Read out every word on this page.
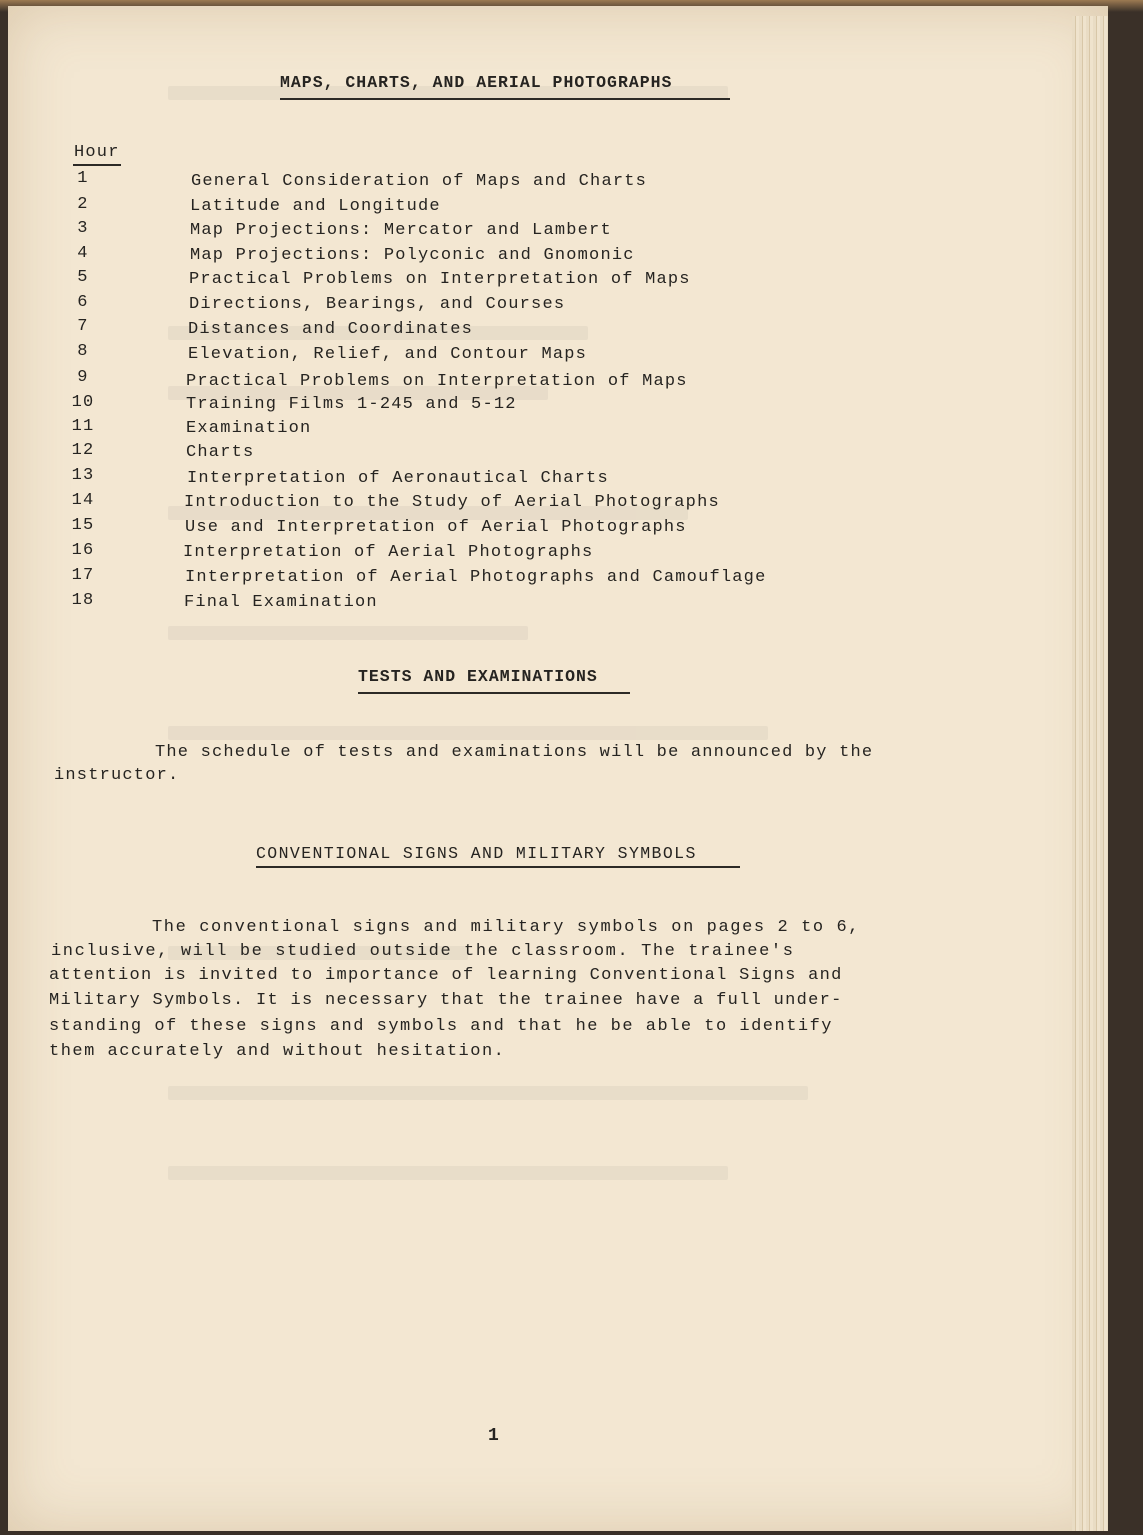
MAPS, CHARTS, AND AERIAL PHOTOGRAPHS
Hour
1	General Consideration of Maps and Charts
2	Latitude and Longitude
3	Map Projections: Mercator and Lambert
4	Map Projections: Polyconic and Gnomonic
5	Practical Problems on Interpretation of Maps
6	Directions, Bearings, and Courses
7	Distances and Coordinates
8	Elevation, Relief, and Contour Maps
9	Practical Problems on Interpretation of Maps
10	Training Films 1-245 and 5-12
11	Examination
12	Charts
13	Interpretation of Aeronautical Charts
14	Introduction to the Study of Aerial Photographs
15	Use and Interpretation of Aerial Photographs
16	Interpretation of Aerial Photographs
17	Interpretation of Aerial Photographs and Camouflage
18	Final Examination
TESTS AND EXAMINATIONS
The schedule of tests and examinations will be announced by the
instructor.
CONVENTIONAL SIGNS AND MILITARY SYMBOLS
The conventional signs and military symbols on pages 2 to 6,
inclusive, will be studied outside the classroom. The trainee's
attention is invited to importance of learning Conventional Signs and
Military Symbols. It is necessary that the trainee have a full under-
standing of these signs and symbols and that he be able to identify
them accurately and without hesitation.
1
